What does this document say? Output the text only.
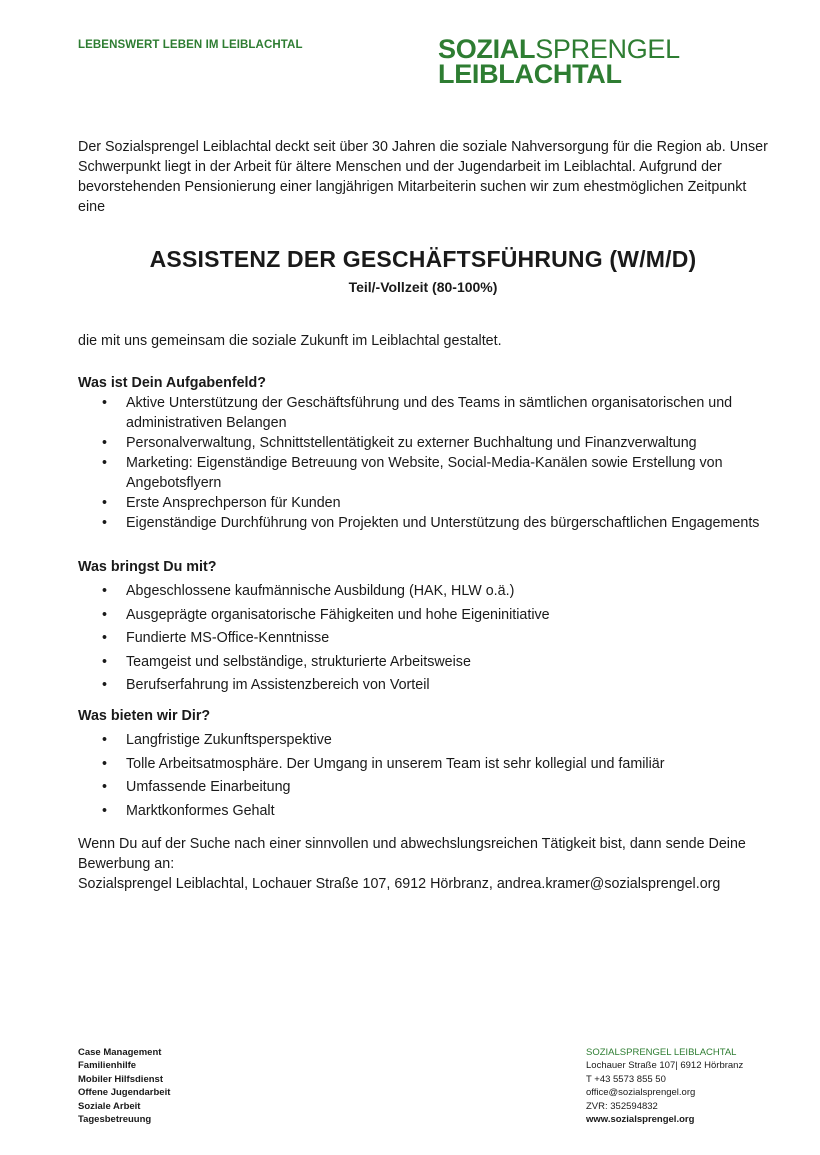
LEBENSWERT LEBEN IM LEIBLACHTAL	SOZIALSPRENGEL
LEIBLACHTAL

Der Sozialsprengel Leiblachtal deckt seit über 30 Jahren die soziale Nahversorgung für die Region ab. Unser Schwerpunkt liegt in der Arbeit für ältere Menschen und der Jugendarbeit im Leiblachtal. Aufgrund der bevorstehenden Pensionierung einer langjährigen Mitarbeiterin suchen wir zum ehestmöglichen Zeitpunkt eine

ASSISTENZ DER GESCHÄFTSFÜHRUNG (W/M/D)
Teil/-Vollzeit (80-100%)

die mit uns gemeinsam die soziale Zukunft im Leiblachtal gestaltet.

Was ist Dein Aufgabenfeld?

• Aktive Unterstützung der Geschäftsführung und des Teams in sämtlichen organisatorischen und administrativen Belangen
• Personalverwaltung, Schnittstellentätigkeit zu externer Buchhaltung und Finanzverwaltung
• Marketing: Eigenständige Betreuung von Website, Social-Media-Kanälen sowie Erstellung von Angebotsflyern
• Erste Ansprechperson für Kunden
• Eigenständige Durchführung von Projekten und Unterstützung des bürgerschaftlichen Engagements

Was bringst Du mit?

• Abgeschlossene kaufmännische Ausbildung (HAK, HLW o.ä.)
• Ausgeprägte organisatorische Fähigkeiten und hohe Eigeninitiative
• Fundierte MS-Office-Kenntnisse
• Teamgeist und selbständige, strukturierte Arbeitsweise
• Berufserfahrung im Assistenzbereich von Vorteil

Was bieten wir Dir?

• Langfristige Zukunftsperspektive
• Tolle Arbeitsatmosphäre. Der Umgang in unserem Team ist sehr kollegial und familiär
• Umfassende Einarbeitung
• Marktkonformes Gehalt

Wenn Du auf der Suche nach einer sinnvollen und abwechslungsreichen Tätigkeit bist, dann sende Deine Bewerbung an:
Sozialsprengel Leiblachtal, Lochauer Straße 107, 6912 Hörbranz, andrea.kramer@sozialsprengel.org

Case Management
Familienhilfe
Mobiler Hilfsdienst
Offene Jugendarbeit
Soziale Arbeit
Tagesbetreuung
SOZIALSPRENGEL LEIBLACHTAL
Lochauer Straße 107| 6912 Hörbranz
T +43 5573 855 50
office@sozialsprengel.org
ZVR: 352594832
www.sozialsprengel.org
